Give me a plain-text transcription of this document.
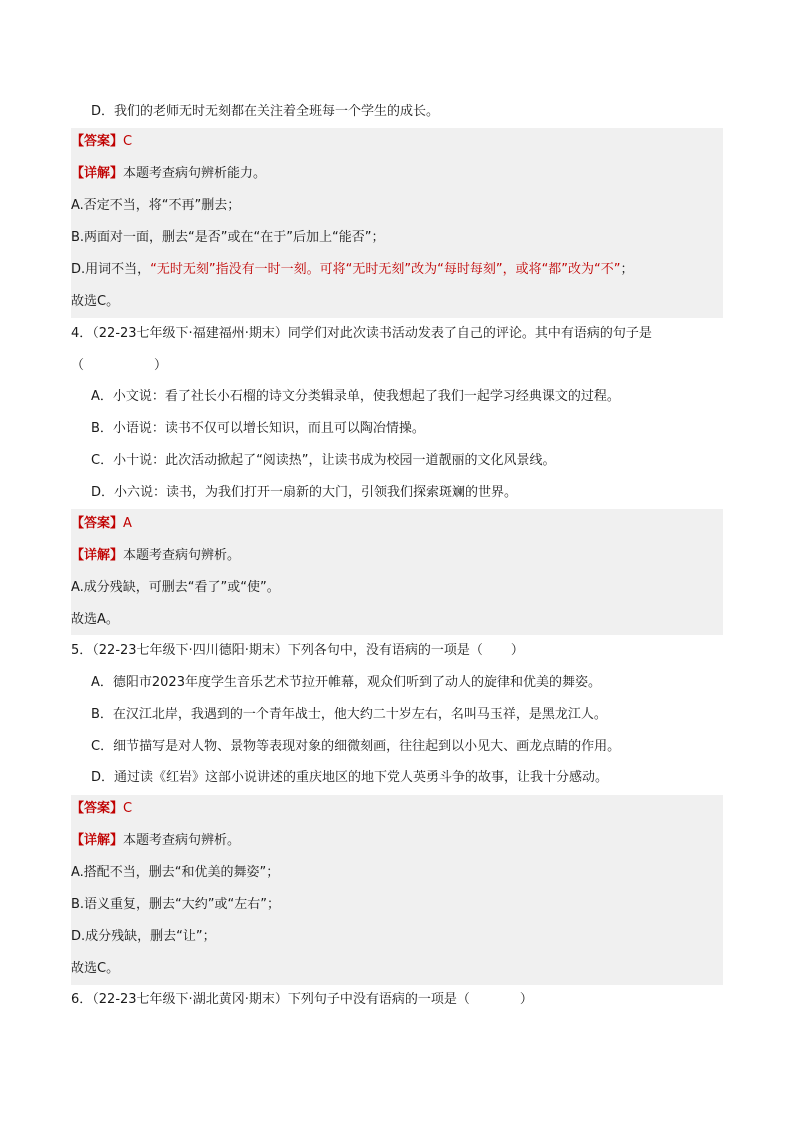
D．我们的老师无时无刻都在关注着全班每一个学生的成长。
【答案】C
【详解】本题考查病句辨析能力。
A.否定不当，将“不再”删去；
B.两面对一面，删去“是否”或在“在于”后加上“能否”；
D.用词不当，“无时无刻”指没有一时一刻。可将“无时无刻”改为“每时每刻”，或将“都”改为“不”；
故选C。
4．（22-23七年级下·福建福州·期末）同学们对此次读书活动发表了自己的评论。其中有语病的句子是
（	）
A．小文说：看了社长小石榴的诗文分类辑录单，使我想起了我们一起学习经典课文的过程。
B．小语说：读书不仅可以增长知识，而且可以陶冶情操。
C．小十说：此次活动掀起了“阅读热”，让读书成为校园一道靓丽的文化风景线。
D．小六说：读书，为我们打开一扇新的大门，引领我们探索斑斓的世界。
【答案】A
【详解】本题考查病句辨析。
A.成分残缺，可删去“看了”或“使”。
故选A。
5．（22-23七年级下·四川德阳·期末）下列各句中，没有语病的一项是（ ）
A．德阳市2023年度学生音乐艺术节拉开帷幕，观众们听到了动人的旋律和优美的舞姿。
B．在汉江北岸，我遇到的一个青年战士，他大约二十岁左右，名叫马玉祥，是黑龙江人。
C．细节描写是对人物、景物等表现对象的细微刻画，往往起到以小见大、画龙点睛的作用。
D．通过读《红岩》这部小说讲述的重庆地区的地下党人英勇斗争的故事，让我十分感动。
【答案】C
【详解】本题考查病句辨析。
A.搭配不当，删去“和优美的舞姿”；
B.语义重复，删去“大约”或“左右”；
D.成分残缺，删去“让”；
故选C。
6．（22-23七年级下·湖北黄冈·期末）下列句子中没有语病的一项是（	）
